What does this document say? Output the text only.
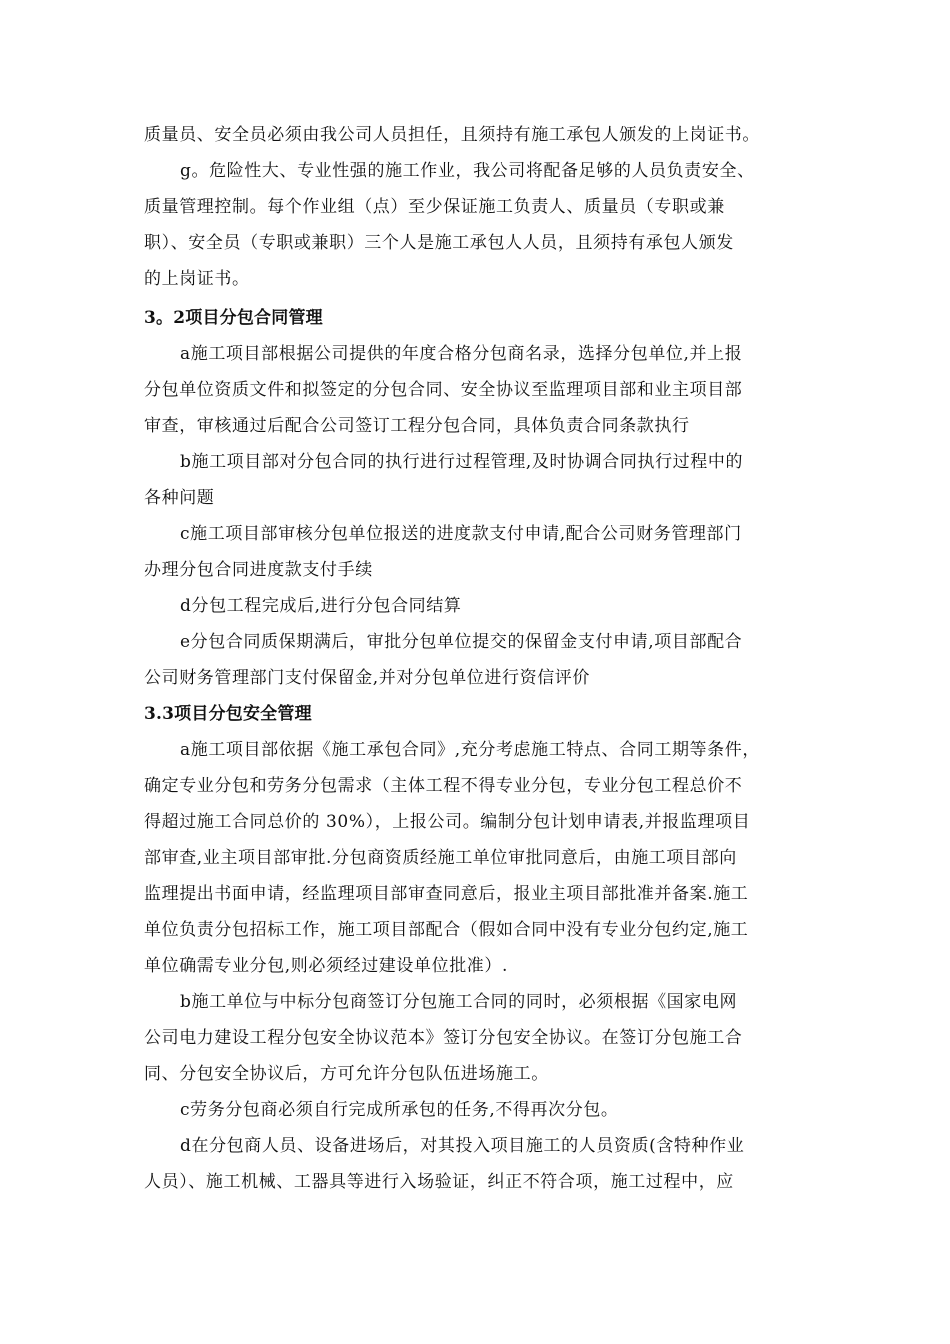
质量员、安全员必须由我公司人员担任，且须持有施工承包人颁发的上岗证书。
g。危险性大、专业性强的施工作业，我公司将配备足够的人员负责安全、
质量管理控制。每个作业组（点）至少保证施工负责人、质量员（专职或兼
职）、安全员（专职或兼职）三个人是施工承包人人员，且须持有承包人颁发
的上岗证书。
3。2项目分包合同管理
a施工项目部根据公司提供的年度合格分包商名录，选择分包单位,并上报
分包单位资质文件和拟签定的分包合同、安全协议至监理项目部和业主项目部
审查，审核通过后配合公司签订工程分包合同，具体负责合同条款执行
b施工项目部对分包合同的执行进行过程管理,及时协调合同执行过程中的
各种问题
c施工项目部审核分包单位报送的进度款支付申请,配合公司财务管理部门
办理分包合同进度款支付手续
d分包工程完成后,进行分包合同结算
e分包合同质保期满后，审批分包单位提交的保留金支付申请,项目部配合
公司财务管理部门支付保留金,并对分包单位进行资信评价
3.3项目分包安全管理
a施工项目部依据《施工承包合同》,充分考虑施工特点、合同工期等条件，
确定专业分包和劳务分包需求（主体工程不得专业分包，专业分包工程总价不
得超过施工合同总价的 30%），上报公司。编制分包计划申请表,并报监理项目
部审查,业主项目部审批.分包商资质经施工单位审批同意后，由施工项目部向
监理提出书面申请，经监理项目部审查同意后，报业主项目部批准并备案.施工
单位负责分包招标工作，施工项目部配合（假如合同中没有专业分包约定,施工
单位确需专业分包,则必须经过建设单位批准）.
b施工单位与中标分包商签订分包施工合同的同时，必须根据《国家电网
公司电力建设工程分包安全协议范本》签订分包安全协议。在签订分包施工合
同、分包安全协议后，方可允许分包队伍进场施工。
c劳务分包商必须自行完成所承包的任务,不得再次分包。
d在分包商人员、设备进场后，对其投入项目施工的人员资质(含特种作业
人员）、施工机械、工器具等进行入场验证，纠正不符合项，施工过程中，应
